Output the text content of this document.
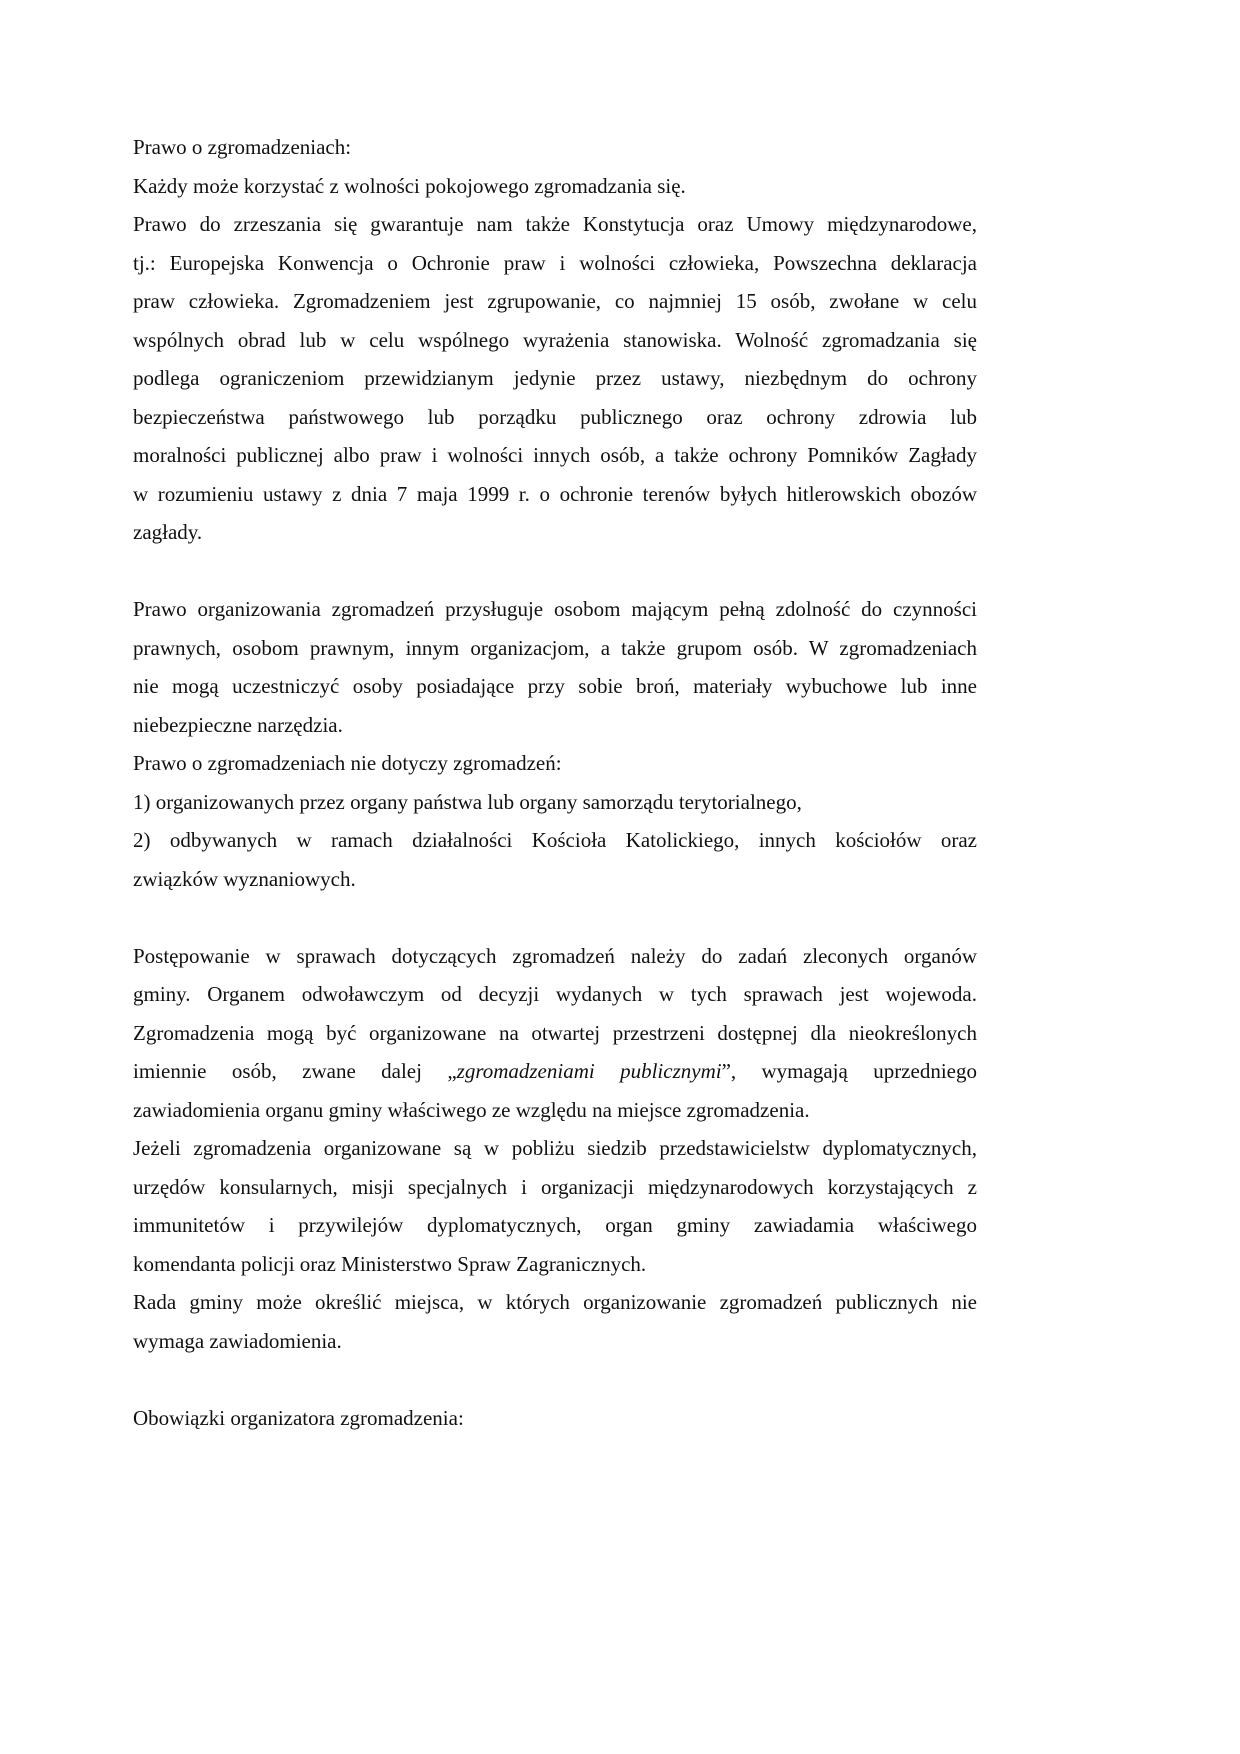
Prawo o zgromadzeniach:
Każdy może korzystać z wolności pokojowego zgromadzania się.
Prawo do zrzeszania się gwarantuje nam także Konstytucja oraz Umowy międzynarodowe,
tj.: Europejska Konwencja o Ochronie praw i wolności człowieka, Powszechna deklaracja
praw człowieka. Zgromadzeniem jest zgrupowanie, co najmniej 15 osób, zwołane w celu
wspólnych obrad lub w celu wspólnego wyrażenia stanowiska. Wolność zgromadzania się
podlega ograniczeniom przewidzianym jedynie przez ustawy, niezbędnym do ochrony
bezpieczeństwa państwowego lub porządku publicznego oraz ochrony zdrowia lub
moralności publicznej albo praw i wolności innych osób, a także ochrony Pomników Zagłady
w rozumieniu ustawy z dnia 7 maja 1999 r. o ochronie terenów byłych hitlerowskich obozów
zagłady.
Prawo organizowania zgromadzeń przysługuje osobom mającym pełną zdolność do czynności
prawnych, osobom prawnym, innym organizacjom, a także grupom osób. W zgromadzeniach
nie mogą uczestniczyć osoby posiadające przy sobie broń, materiały wybuchowe lub inne
niebezpieczne narzędzia.
Prawo o zgromadzeniach nie dotyczy zgromadzeń:
1) organizowanych przez organy państwa lub organy samorządu terytorialnego,
2) odbywanych w ramach działalności Kościoła Katolickiego, innych kościołów oraz
związków wyznaniowych.
Postępowanie w sprawach dotyczących zgromadzeń należy do zadań zleconych organów
gminy. Organem odwoławczym od decyzji wydanych w tych sprawach jest wojewoda.
Zgromadzenia mogą być organizowane na otwartej przestrzeni dostępnej dla nieokreślonych
imiennie osób, zwane dalej „zgromadzeniami publicznymi”, wymagają uprzedniego
zawiadomienia organu gminy właściwego ze względu na miejsce zgromadzenia.
Jeżeli zgromadzenia organizowane są w pobliżu siedzib przedstawicielstw dyplomatycznych,
urzędów konsularnych, misji specjalnych i organizacji międzynarodowych korzystających z
immunitetów i przywilejów dyplomatycznych, organ gminy zawiadamia właściwego
komendanta policji oraz Ministerstwo Spraw Zagranicznych.
Rada gminy może określić miejsca, w których organizowanie zgromadzeń publicznych nie
wymaga zawiadomienia.
Obowiązki organizatora zgromadzenia:
